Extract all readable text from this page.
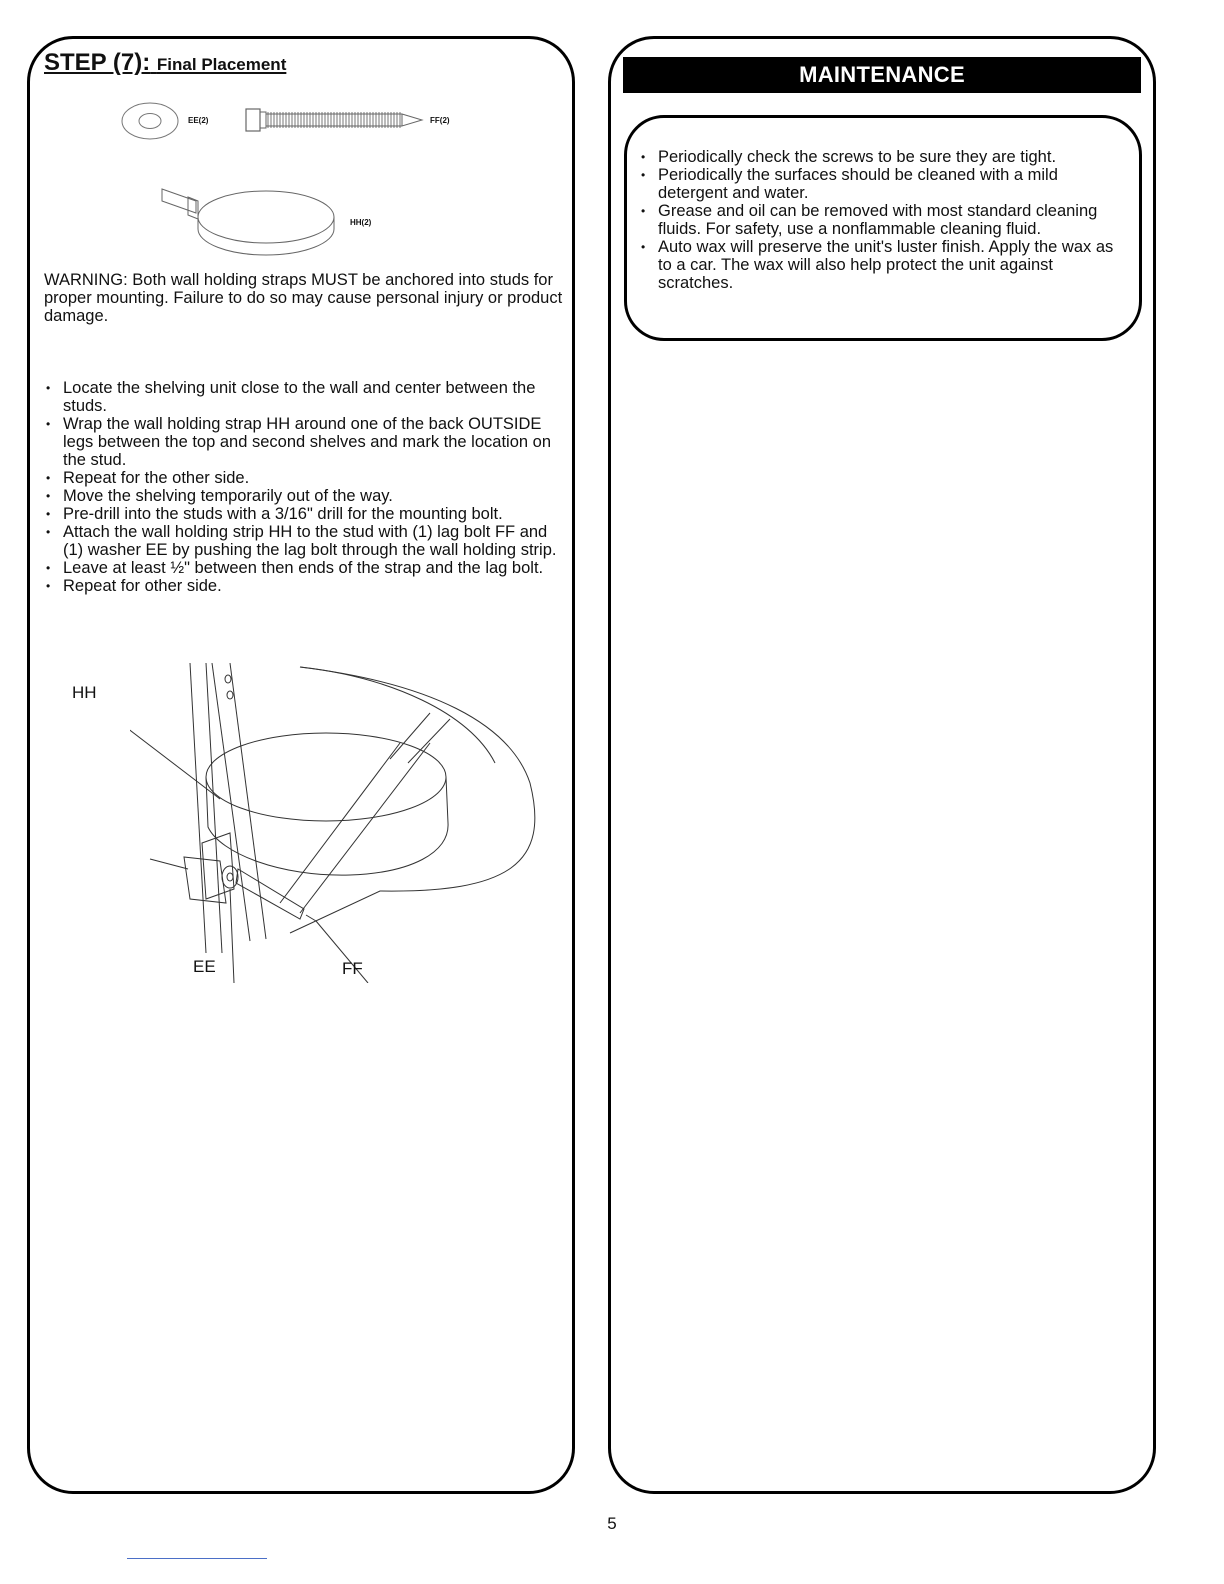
STEP (7): Final Placement
EE(2)	FF(2)
HH(2)
WARNING: Both wall holding straps MUST be anchored into studs for proper mounting. Failure to do so may cause personal injury or product damage.
• Locate the shelving unit close to the wall and center between the studs.
• Wrap the wall holding strap HH around one of the back OUTSIDE legs between the top and second shelves and mark the location on the stud.
• Repeat for the other side.
• Move the shelving temporarily out of the way.
• Pre-drill into the studs with a 3/16" drill for the mounting bolt.
• Attach the wall holding strip HH to the stud with (1) lag bolt FF and (1) washer EE by pushing the lag bolt through the wall holding strip.
• Leave at least ½" between then ends of the strap and the lag bolt.
• Repeat for other side.
HH
EE	FF
MAINTENANCE
• Periodically check the screws to be sure they are tight.
• Periodically the surfaces should be cleaned with a mild detergent and water.
• Grease and oil can be removed with most standard cleaning fluids. For safety, use a nonflammable cleaning fluid.
• Auto wax will preserve the unit's luster finish. Apply the wax as to a car. The wax will also help protect the unit against scratches.
5
